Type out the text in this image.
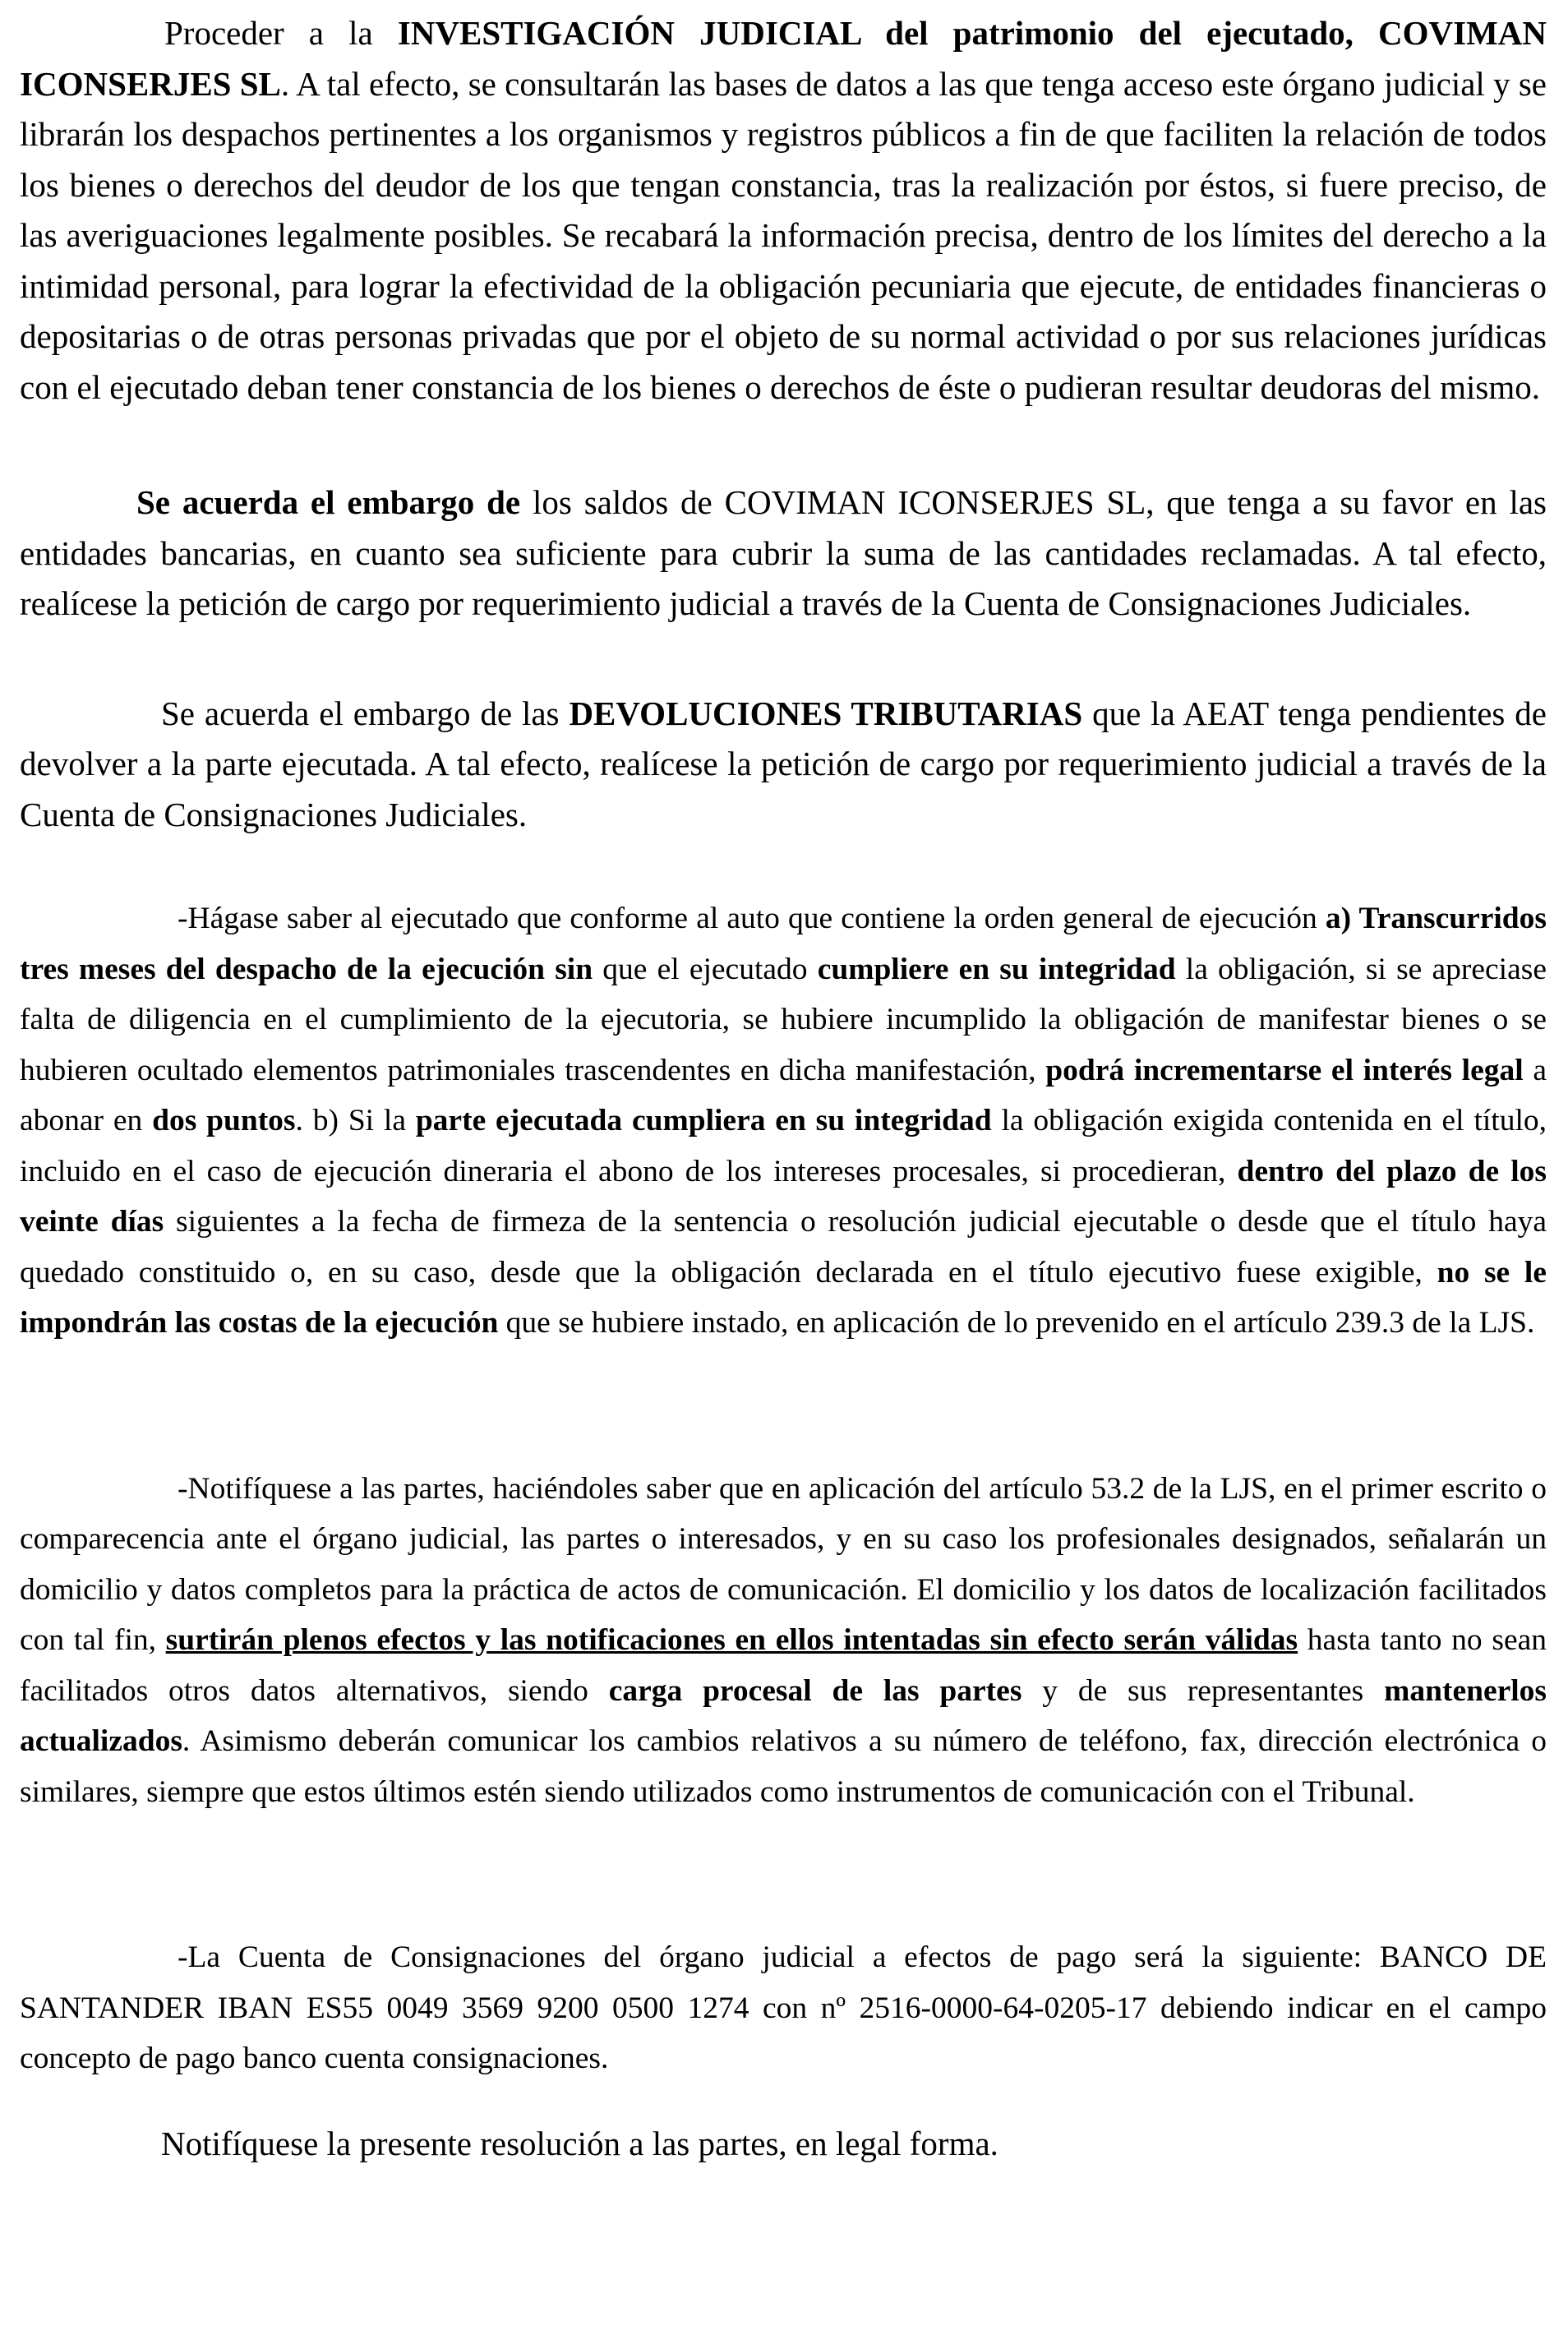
Proceder a la INVESTIGACIÓN JUDICIAL del patrimonio del ejecutado, COVIMAN ICONSERJES SL. A tal efecto, se consultarán las bases de datos a las que tenga acceso este órgano judicial y se librarán los despachos pertinentes a los organismos y registros públicos a fin de que faciliten la relación de todos los bienes o derechos del deudor de los que tengan constancia, tras la realización por éstos, si fuere preciso, de las averiguaciones legalmente posibles. Se recabará la información precisa, dentro de los límites del derecho a la intimidad personal, para lograr la efectividad de la obligación pecuniaria que ejecute, de entidades financieras o depositarias o de otras personas privadas que por el objeto de su normal actividad o por sus relaciones jurídicas con el ejecutado deban tener constancia de los bienes o derechos de éste o pudieran resultar deudoras del mismo.

Se acuerda el embargo de los saldos de COVIMAN ICONSERJES SL, que tenga a su favor en las entidades bancarias, en cuanto sea suficiente para cubrir la suma de las cantidades reclamadas. A tal efecto, realícese la petición de cargo por requerimiento judicial a través de la Cuenta de Consignaciones Judiciales.

Se acuerda el embargo de las DEVOLUCIONES TRIBUTARIAS que la AEAT tenga pendientes de devolver a la parte ejecutada. A tal efecto, realícese la petición de cargo por requerimiento judicial a través de la Cuenta de Consignaciones Judiciales.

-Hágase saber al ejecutado que conforme al auto que contiene la orden general de ejecución a) Transcurridos tres meses del despacho de la ejecución sin que el ejecutado cumpliere en su integridad la obligación, si se apreciase falta de diligencia en el cumplimiento de la ejecutoria, se hubiere incumplido la obligación de manifestar bienes o se hubieren ocultado elementos patrimoniales trascendentes en dicha manifestación, podrá incrementarse el interés legal a abonar en dos puntos. b) Si la parte ejecutada cumpliera en su integridad la obligación exigida contenida en el título, incluido en el caso de ejecución dineraria el abono de los intereses procesales, si procedieran, dentro del plazo de los veinte días siguientes a la fecha de firmeza de la sentencia o resolución judicial ejecutable o desde que el título haya quedado constituido o, en su caso, desde que la obligación declarada en el título ejecutivo fuese exigible, no se le impondrán las costas de la ejecución que se hubiere instado, en aplicación de lo prevenido en el artículo 239.3 de la LJS.

-Notifíquese a las partes, haciéndoles saber que en aplicación del artículo 53.2 de la LJS, en el primer escrito o comparecencia ante el órgano judicial, las partes o interesados, y en su caso los profesionales designados, señalarán un domicilio y datos completos para la práctica de actos de comunicación. El domicilio y los datos de localización facilitados con tal fin, surtirán plenos efectos y las notificaciones en ellos intentadas sin efecto serán válidas hasta tanto no sean facilitados otros datos alternativos, siendo carga procesal de las partes y de sus representantes mantenerlos actualizados. Asimismo deberán comunicar los cambios relativos a su número de teléfono, fax, dirección electrónica o similares, siempre que estos últimos estén siendo utilizados como instrumentos de comunicación con el Tribunal.

-La Cuenta de Consignaciones del órgano judicial a efectos de pago será la siguiente: BANCO DE SANTANDER IBAN ES55 0049 3569 9200 0500 1274 con nº 2516-0000-64-0205-17 debiendo indicar en el campo concepto de pago banco cuenta consignaciones.

Notifíquese la presente resolución a las partes, en legal forma.
